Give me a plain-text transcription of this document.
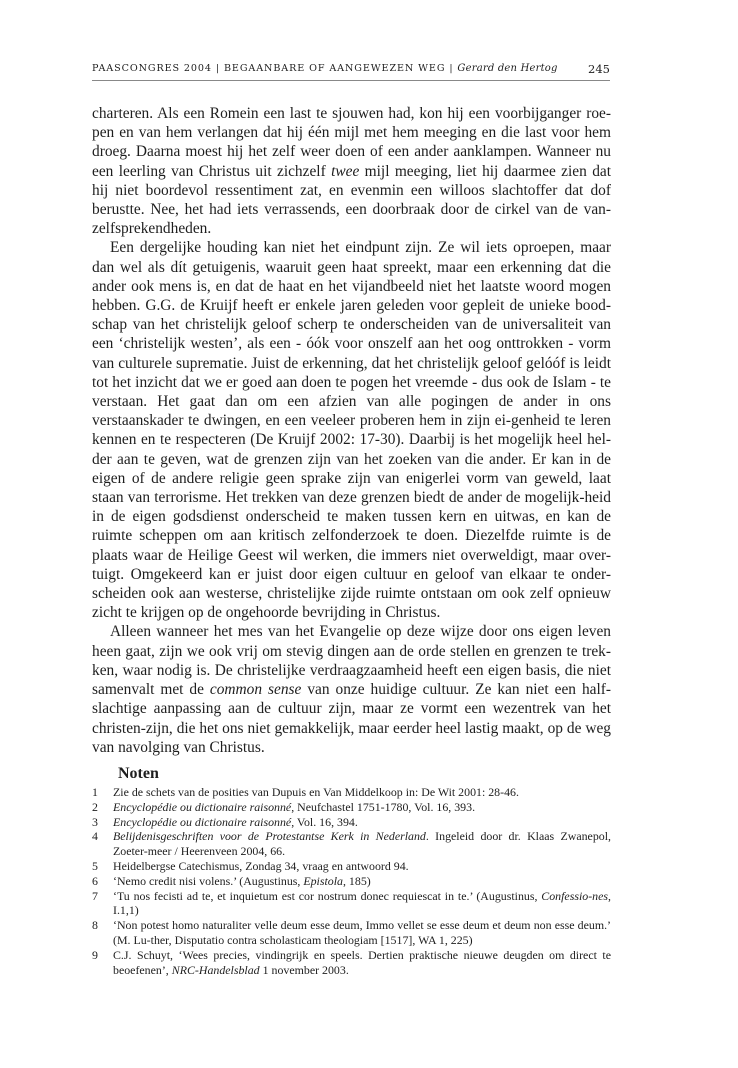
PAASCONGRES 2004 | BEGAANBARE OF AANGEWEZEN WEG | Gerard den Hertog	245

charteren. Als een Romein een last te sjouwen had, kon hij een voorbijganger roe-pen en van hem verlangen dat hij één mijl met hem meeging en die last voor hem droeg. Daarna moest hij het zelf weer doen of een ander aanklampen. Wanneer nu een leerling van Christus uit zichzelf twee mijl meeging, liet hij daarmee zien dat hij niet boordevol ressentiment zat, en evenmin een willoos slachtoffer dat dof berustte. Nee, het had iets verrassends, een doorbraak door de cirkel van de van-zelfsprekendheden.

Een dergelijke houding kan niet het eindpunt zijn. Ze wil iets oproepen, maar dan wel als dít getuigenis, waaruit geen haat spreekt, maar een erkenning dat die ander ook mens is, en dat de haat en het vijandbeeld niet het laatste woord mogen hebben. G.G. de Kruijf heeft er enkele jaren geleden voor gepleit de unieke bood-schap van het christelijk geloof scherp te onderscheiden van de universaliteit van een ‘christelijk westen’, als een - óók voor onszelf aan het oog onttrokken - vorm van culturele suprematie. Juist de erkenning, dat het christelijk geloof gelóóf is leidt tot het inzicht dat we er goed aan doen te pogen het vreemde - dus ook de Islam - te verstaan. Het gaat dan om een afzien van alle pogingen de ander in ons verstaanskader te dwingen, en een veeleer proberen hem in zijn ei-genheid te leren kennen en te respecteren (De Kruijf 2002: 17-30). Daarbij is het mogelijk heel hel-der aan te geven, wat de grenzen zijn van het zoeken van die ander. Er kan in de eigen of de andere religie geen sprake zijn van enigerlei vorm van geweld, laat staan van terrorisme. Het trekken van deze grenzen biedt de ander de mogelijk-heid in de eigen godsdienst onderscheid te maken tussen kern en uitwas, en kan de ruimte scheppen om aan kritisch zelfonderzoek te doen. Diezelfde ruimte is de plaats waar de Heilige Geest wil werken, die immers niet overweldigt, maar over-tuigt. Omgekeerd kan er juist door eigen cultuur en geloof van elkaar te onder-scheiden ook aan westerse, christelijke zijde ruimte ontstaan om ook zelf opnieuw zicht te krijgen op de ongehoorde bevrijding in Christus.

Alleen wanneer het mes van het Evangelie op deze wijze door ons eigen leven heen gaat, zijn we ook vrij om stevig dingen aan de orde stellen en grenzen te trek-ken, waar nodig is. De christelijke verdraagzaamheid heeft een eigen basis, die niet samenvalt met de common sense van onze huidige cultuur. Ze kan niet een half-slachtige aanpassing aan de cultuur zijn, maar ze vormt een wezentrek van het christen-zijn, die het ons niet gemakkelijk, maar eerder heel lastig maakt, op de weg van navolging van Christus.

Noten
1	Zie de schets van de posities van Dupuis en Van Middelkoop in: De Wit 2001: 28-46.
2	Encyclopédie ou dictionaire raisonné, Neufchastel 1751-1780, Vol. 16, 393.
3	Encyclopédie ou dictionaire raisonné, Vol. 16, 394.
4	Belijdenisgeschriften voor de Protestantse Kerk in Nederland. Ingeleid door dr. Klaas Zwanepol, Zoeter-meer / Heerenveen 2004, 66.
5	Heidelbergse Catechismus, Zondag 34, vraag en antwoord 94.
6	‘Nemo credit nisi volens.’ (Augustinus, Epistola, 185)
7	‘Tu nos fecisti ad te, et inquietum est cor nostrum donec requiescat in te.’ (Augustinus, Confessio-nes, I.1,1)
8	‘Non potest homo naturaliter velle deum esse deum, Immo vellet se esse deum et deum non esse deum.’ (M. Lu-ther, Disputatio contra scholasticam theologiam [1517], WA 1, 225)
9	C.J. Schuyt, ‘Wees precies, vindingrijk en speels. Dertien praktische nieuwe deugden om direct te beoefenen’, NRC-Handelsblad 1 november 2003.
